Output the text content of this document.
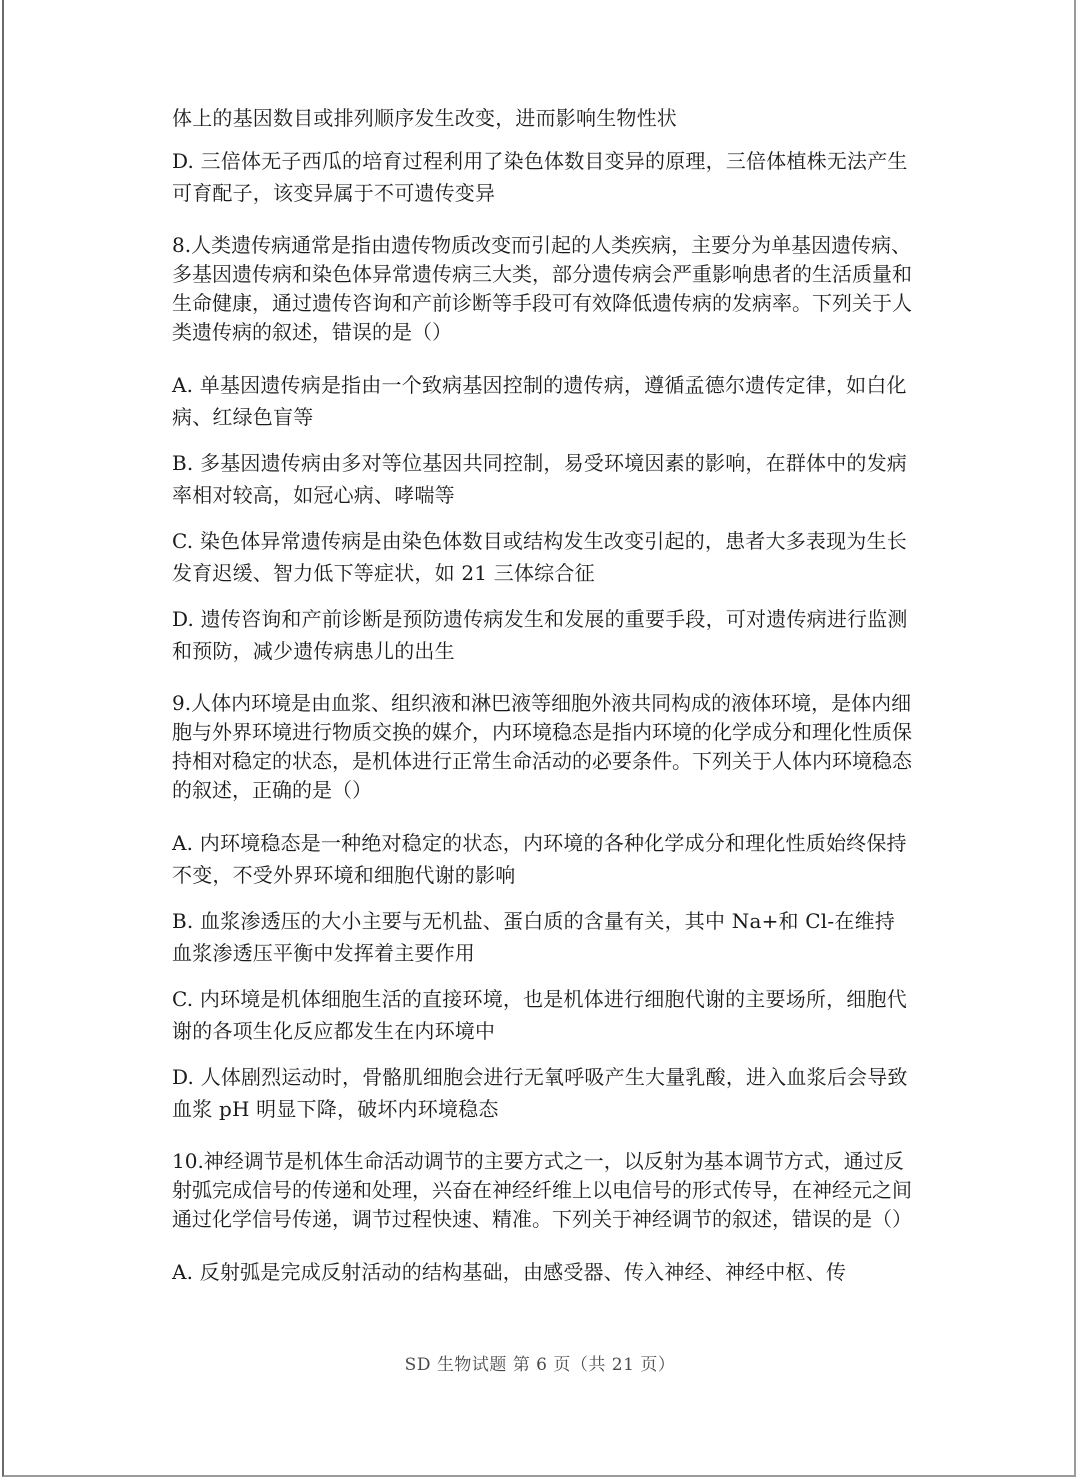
体上的基因数目或排列顺序发生改变，进而影响生物性状

D. 三倍体无子西瓜的培育过程利用了染色体数目变异的原理，三倍体植株无法产生可育配子，该变异属于不可遗传变异

8.人类遗传病通常是指由遗传物质改变而引起的人类疾病，主要分为单基因遗传病、多基因遗传病和染色体异常遗传病三大类，部分遗传病会严重影响患者的生活质量和生命健康，通过遗传咨询和产前诊断等手段可有效降低遗传病的发病率。下列关于人类遗传病的叙述，错误的是（）

A. 单基因遗传病是指由一个致病基因控制的遗传病，遵循孟德尔遗传定律，如白化病、红绿色盲等

B. 多基因遗传病由多对等位基因共同控制，易受环境因素的影响，在群体中的发病率相对较高，如冠心病、哮喘等

C. 染色体异常遗传病是由染色体数目或结构发生改变引起的，患者大多表现为生长发育迟缓、智力低下等症状，如 21 三体综合征

D. 遗传咨询和产前诊断是预防遗传病发生和发展的重要手段，可对遗传病进行监测和预防，减少遗传病患儿的出生

9.人体内环境是由血浆、组织液和淋巴液等细胞外液共同构成的液体环境，是体内细胞与外界环境进行物质交换的媒介，内环境稳态是指内环境的化学成分和理化性质保持相对稳定的状态，是机体进行正常生命活动的必要条件。下列关于人体内环境稳态的叙述，正确的是（）

A. 内环境稳态是一种绝对稳定的状态，内环境的各种化学成分和理化性质始终保持不变，不受外界环境和细胞代谢的影响

B. 血浆渗透压的大小主要与无机盐、蛋白质的含量有关，其中 Na+和 Cl-在维持血浆渗透压平衡中发挥着主要作用

C. 内环境是机体细胞生活的直接环境，也是机体进行细胞代谢的主要场所，细胞代谢的各项生化反应都发生在内环境中

D. 人体剧烈运动时，骨骼肌细胞会进行无氧呼吸产生大量乳酸，进入血浆后会导致血浆 pH 明显下降，破坏内环境稳态

10.神经调节是机体生命活动调节的主要方式之一，以反射为基本调节方式，通过反射弧完成信号的传递和处理，兴奋在神经纤维上以电信号的形式传导，在神经元之间通过化学信号传递，调节过程快速、精准。下列关于神经调节的叙述，错误的是（）

A. 反射弧是完成反射活动的结构基础，由感受器、传入神经、神经中枢、传

SD 生物试题 第 6 页（共 21 页）
